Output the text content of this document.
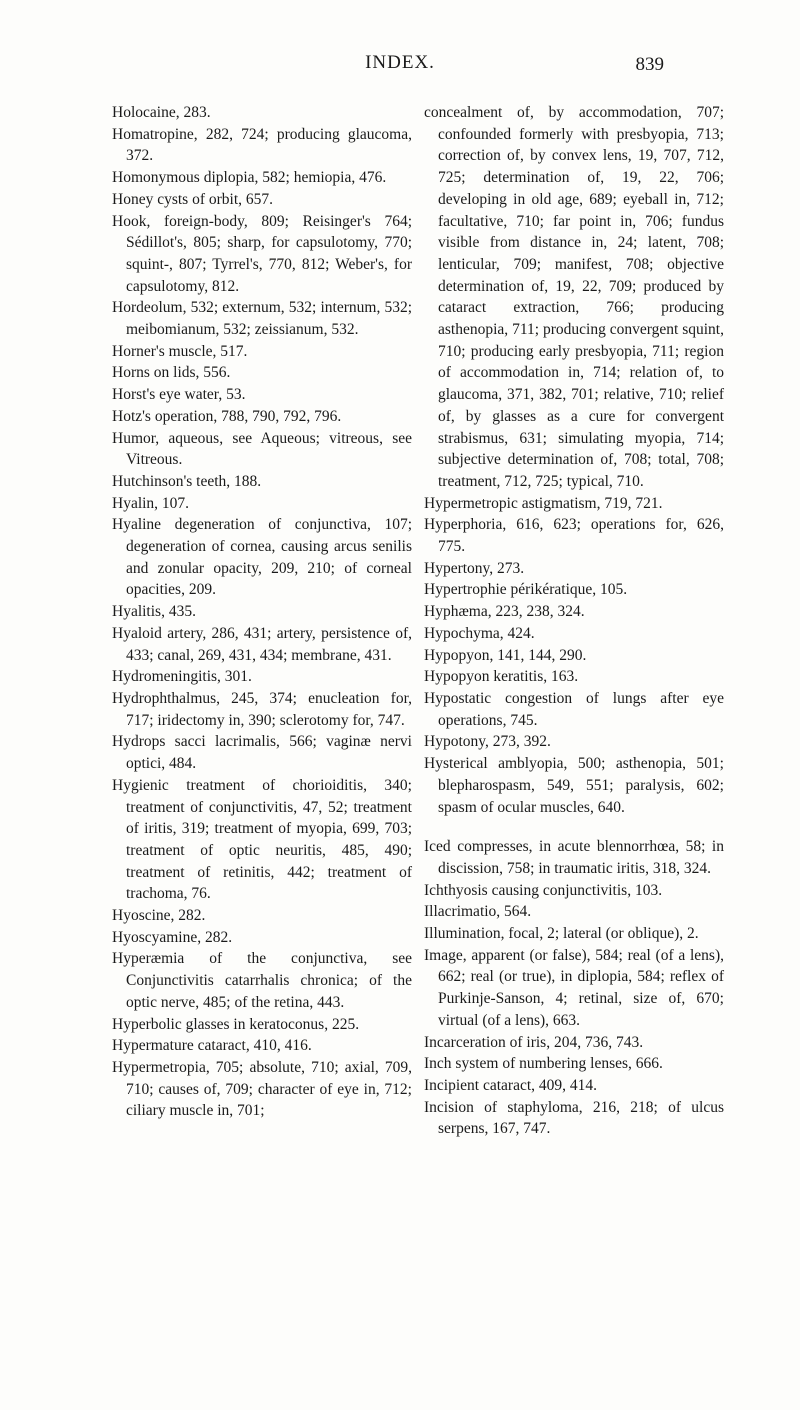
INDEX.	839

Holocaine, 283.

Homatropine, 282, 724; producing glaucoma, 372.

Homonymous diplopia, 582; hemiopia, 476.

Honey cysts of orbit, 657.

Hook, foreign-body, 809; Reisinger's 764; Sédillot's, 805; sharp, for capsulotomy, 770; squint-, 807; Tyrrel's, 770, 812; Weber's, for capsulotomy, 812.

Hordeolum, 532; externum, 532; internum, 532; meibomianum, 532; zeissianum, 532.

Horner's muscle, 517.

Horns on lids, 556.

Horst's eye water, 53.

Hotz's operation, 788, 790, 792, 796.

Humor, aqueous, see Aqueous; vitreous, see Vitreous.

Hutchinson's teeth, 188.

Hyalin, 107.

Hyaline degeneration of conjunctiva, 107; degeneration of cornea, causing arcus senilis and zonular opacity, 209, 210; of corneal opacities, 209.

Hyalitis, 435.

Hyaloid artery, 286, 431; artery, persistence of, 433; canal, 269, 431, 434; membrane, 431.

Hydromeningitis, 301.

Hydrophthalmus, 245, 374; enucleation for, 717; iridectomy in, 390; sclerotomy for, 747.

Hydrops sacci lacrimalis, 566; vaginæ nervi optici, 484.

Hygienic treatment of chorioiditis, 340; treatment of conjunctivitis, 47, 52; treatment of iritis, 319; treatment of myopia, 699, 703; treatment of optic neuritis, 485, 490; treatment of retinitis, 442; treatment of trachoma, 76.

Hyoscine, 282.

Hyoscyamine, 282.

Hyperæmia of the conjunctiva, see Conjunctivitis catarrhalis chronica; of the optic nerve, 485; of the retina, 443.

Hyperbolic glasses in keratoconus, 225.

Hypermature cataract, 410, 416.

Hypermetropia, 705; absolute, 710; axial, 709, 710; causes of, 709; character of eye in, 712; ciliary muscle in, 701;

concealment of, by accommodation, 707; confounded formerly with presbyopia, 713; correction of, by convex lens, 19, 707, 712, 725; determination of, 19, 22, 706; developing in old age, 689; eyeball in, 712; facultative, 710; far point in, 706; fundus visible from distance in, 24; latent, 708; lenticular, 709; manifest, 708; objective determination of, 19, 22, 709; produced by cataract extraction, 766; producing asthenopia, 711; producing convergent squint, 710; producing early presbyopia, 711; region of accommodation in, 714; relation of, to glaucoma, 371, 382, 701; relative, 710; relief of, by glasses as a cure for convergent strabismus, 631; simulating myopia, 714; subjective determination of, 708; total, 708; treatment, 712, 725; typical, 710.

Hypermetropic astigmatism, 719, 721.

Hyperphoria, 616, 623; operations for, 626, 775.

Hypertony, 273.

Hypertrophie périkératique, 105.

Hyphæma, 223, 238, 324.

Hypochyma, 424.

Hypopyon, 141, 144, 290.

Hypopyon keratitis, 163.

Hypostatic congestion of lungs after eye operations, 745.

Hypotony, 273, 392.

Hysterical amblyopia, 500; asthenopia, 501; blepharospasm, 549, 551; paralysis, 602; spasm of ocular muscles, 640.

Iced compresses, in acute blennorrhœa, 58; in discission, 758; in traumatic iritis, 318, 324.

Ichthyosis causing conjunctivitis, 103.

Illacrimatio, 564.

Illumination, focal, 2; lateral (or oblique), 2.

Image, apparent (or false), 584; real (of a lens), 662; real (or true), in diplopia, 584; reflex of Purkinje-Sanson, 4; retinal, size of, 670; virtual (of a lens), 663.

Incarceration of iris, 204, 736, 743.

Inch system of numbering lenses, 666.

Incipient cataract, 409, 414.

Incision of staphyloma, 216, 218; of ulcus serpens, 167, 747.
